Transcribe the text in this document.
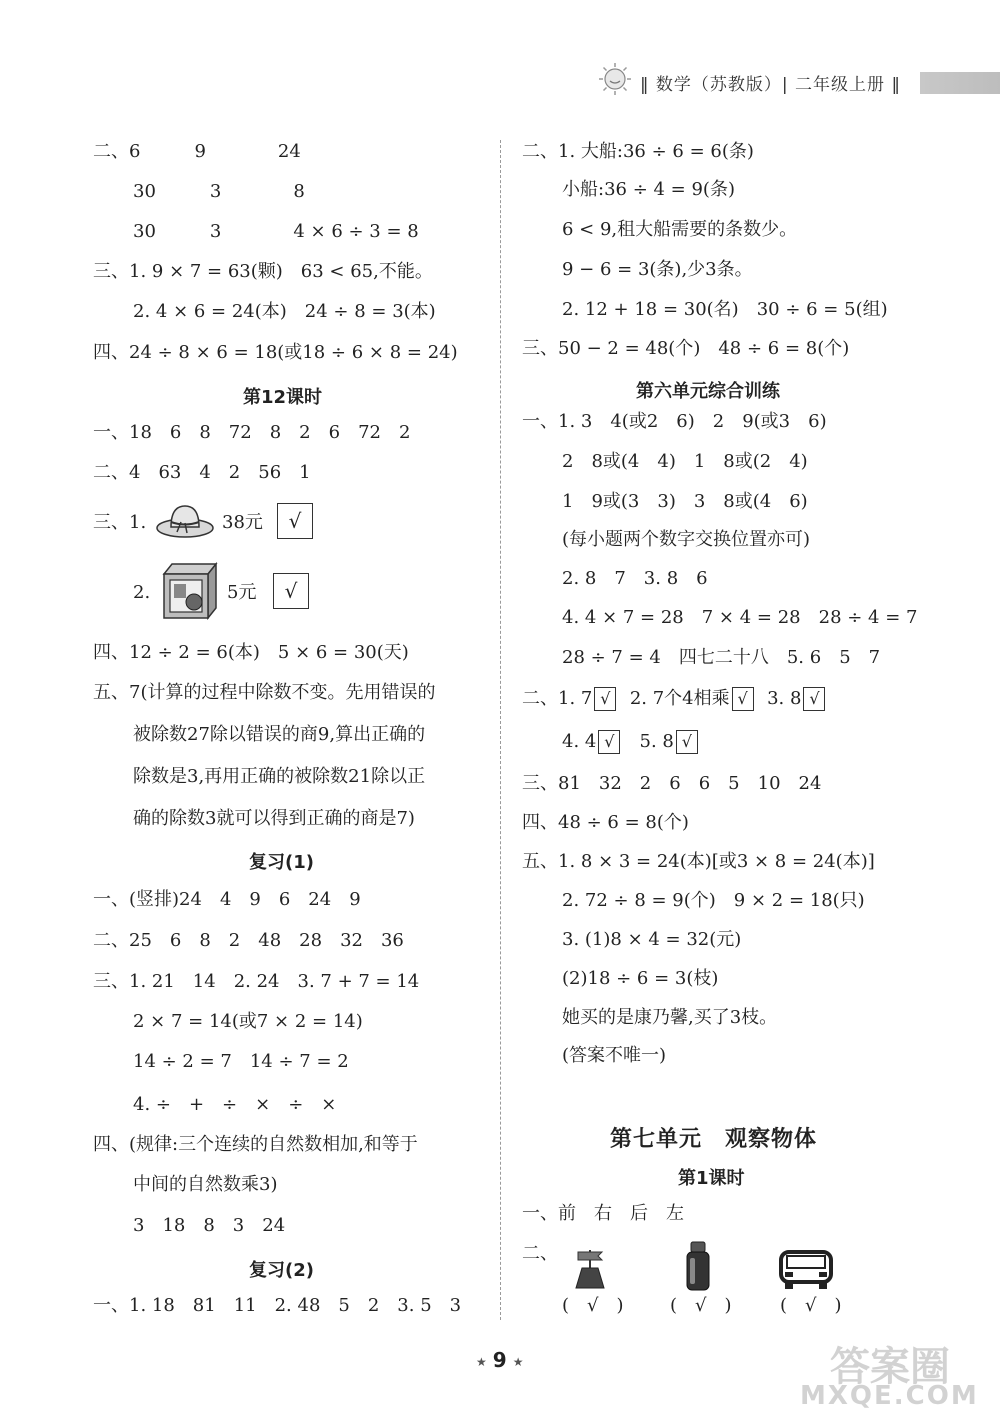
‖ 数学（苏教版）| 二年级上册 ‖
二、6　　　9　　　　24
30　　　3　　　　8
30　　　3　　　　4 × 6 ÷ 3 = 8
三、1. 9 × 7 = 63(颗)　63 < 65,不能。
2. 4 × 6 = 24(本)　24 ÷ 8 = 3(本)
四、24 ÷ 8 × 6 = 18(或18 ÷ 6 × 8 = 24)
第12课时
一、18　6　8　72　8　2　6　72　2
二、4　63　4　2　56　1
三、1.	38元	√
2.	5元	√
四、12 ÷ 2 = 6(本)　5 × 6 = 30(天)
五、7(计算的过程中除数不变。先用错误的
被除数27除以错误的商9,算出正确的
除数是3,再用正确的被除数21除以正
确的除数3就可以得到正确的商是7)
复习(1)
一、(竖排)24　4　9　6　24　9
二、25　6　8　2　48　28　32　36
三、1. 21　14　2. 24　3. 7 + 7 = 14
2 × 7 = 14(或7 × 2 = 14)
14 ÷ 2 = 7　14 ÷ 7 = 2
4. ÷　+　÷　×　÷　×
四、(规律:三个连续的自然数相加,和等于
中间的自然数乘3)
3　18　8　3　24
复习(2)
一、1. 18　81　11　2. 48　5　2　3. 5　3
二、1. 大船:36 ÷ 6 = 6(条)
小船:36 ÷ 4 = 9(条)
6 < 9,租大船需要的条数少。
9 − 6 = 3(条),少3条。
2. 12 + 18 = 30(名)　30 ÷ 6 = 5(组)
三、50 − 2 = 48(个)　48 ÷ 6 = 8(个)
第六单元综合训练
一、1. 3　4(或2　6)　2　9(或3　6)
2　8或(4　4)　1　8或(2　4)
1　9或(3　3)　3　8或(4　6)
(每小题两个数字交换位置亦可)
2. 8　7　3. 8　6
4. 4 × 7 = 28　7 × 4 = 28　28 ÷ 4 = 7
28 ÷ 7 = 4　四七二十八　5. 6　5　7
二、1. 7 √ 2. 7个4相乘 √ 3. 8 √
4. 4 √ 5. 8 √
三、81　32　2　6　6　5　10　24
四、48 ÷ 6 = 8(个)
五、1. 8 × 3 = 24(本)[或3 × 8 = 24(本)]
2. 72 ÷ 8 = 9(个)　9 × 2 = 18(只)
3. (1)8 × 4 = 32(元)
(2)18 ÷ 6 = 3(枝)
她买的是康乃馨,买了3枝。
(答案不唯一)
第七单元　观察物体
第1课时
一、前　右　后　左
二、
(　√　)	(　√　)	(　√　)
★ 9 ★	答案圈
MXQE.COM
